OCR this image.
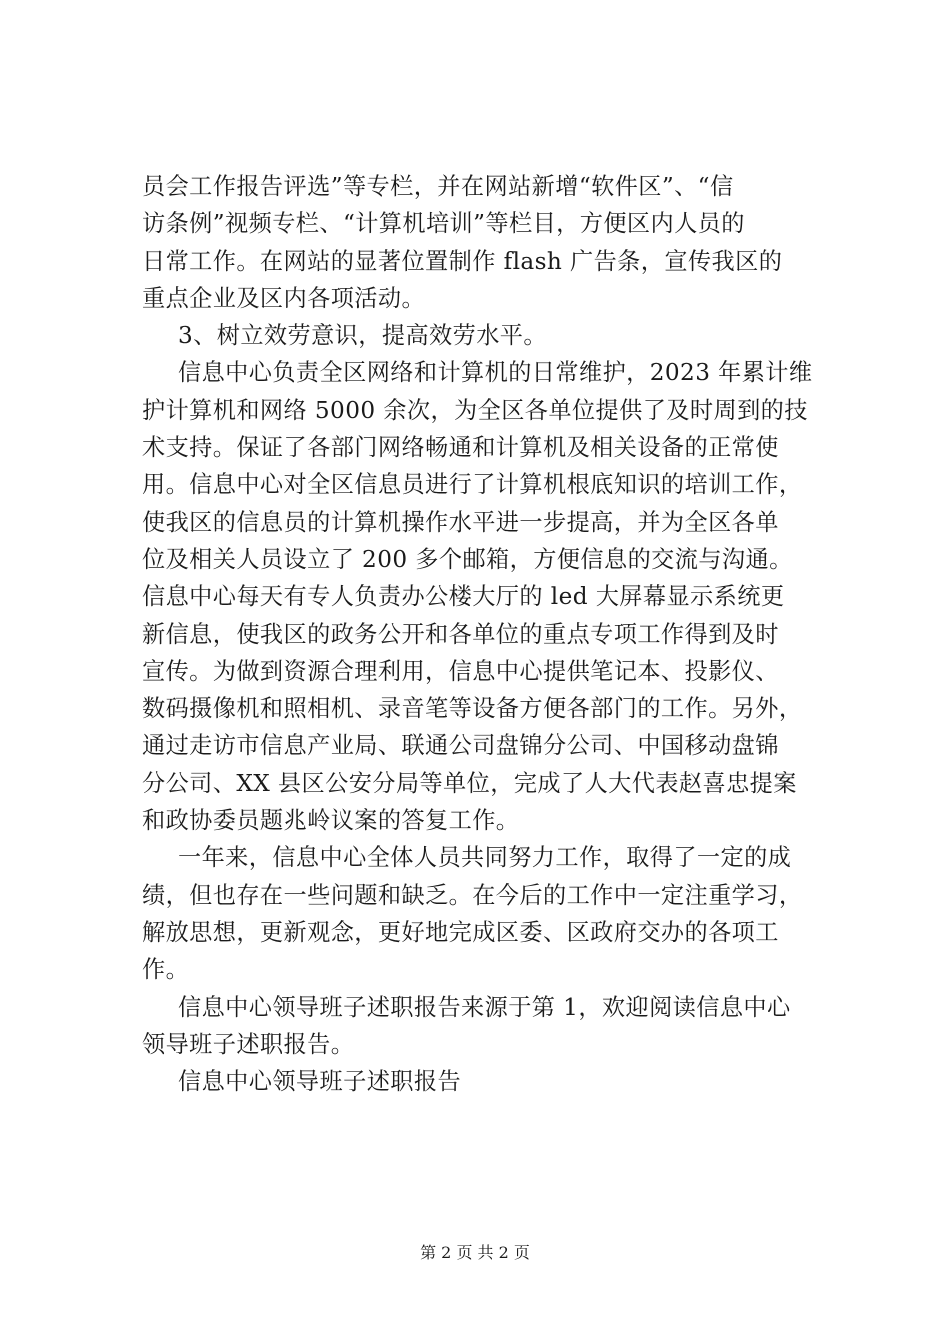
员会工作报告评选”等专栏，并在网站新增“软件区”、“信
访条例”视频专栏、“计算机培训”等栏目，方便区内人员的
日常工作。在网站的显著位置制作 flash 广告条，宣传我区的
重点企业及区内各项活动。
3、树立效劳意识，提高效劳水平。
信息中心负责全区网络和计算机的日常维护，2023 年累计维
护计算机和网络 5000 余次，为全区各单位提供了及时周到的技
术支持。保证了各部门网络畅通和计算机及相关设备的正常使
用。信息中心对全区信息员进行了计算机根底知识的培训工作，
使我区的信息员的计算机操作水平进一步提高，并为全区各单
位及相关人员设立了 200 多个邮箱，方便信息的交流与沟通。
信息中心每天有专人负责办公楼大厅的 led 大屏幕显示系统更
新信息，使我区的政务公开和各单位的重点专项工作得到及时
宣传。为做到资源合理利用，信息中心提供笔记本、投影仪、
数码摄像机和照相机、录音笔等设备方便各部门的工作。另外，
通过走访市信息产业局、联通公司盘锦分公司、中国移动盘锦
分公司、XX 县区公安分局等单位，完成了人大代表赵喜忠提案
和政协委员题兆岭议案的答复工作。
一年来，信息中心全体人员共同努力工作，取得了一定的成
绩，但也存在一些问题和缺乏。在今后的工作中一定注重学习，
解放思想，更新观念，更好地完成区委、区政府交办的各项工
作。
信息中心领导班子述职报告来源于第 1，欢迎阅读信息中心
领导班子述职报告。
信息中心领导班子述职报告
第 2 页 共 2 页
